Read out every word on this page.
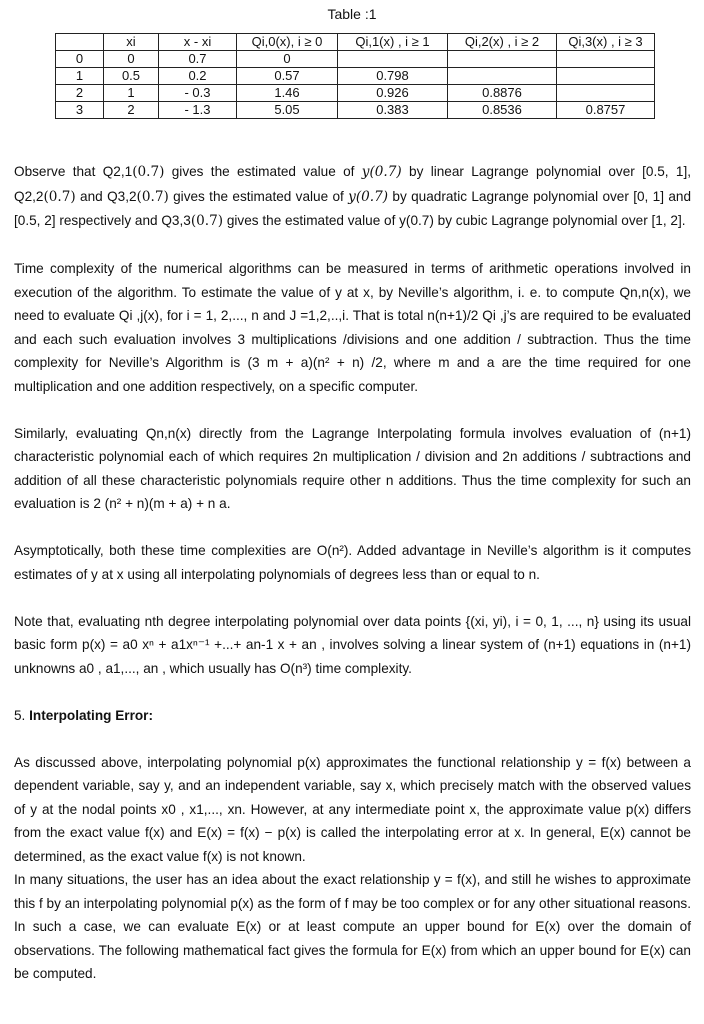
Table :1
	xi	x - xi	Qi,0(x), i ≥ 0	Qi,1(x) , i ≥ 1	Qi,2(x) , i ≥ 2	Qi,3(x) , i ≥ 3
0	0	0.7	0			
1	0.5	0.2	0.57	0.798		
2	1	- 0.3	1.46	0.926	0.8876	
3	2	- 1.3	5.05	0.383	0.8536	0.8757

Observe that Q2,1(0.7) gives the estimated value of y(0.7) by linear Lagrange polynomial over [0.5, 1], Q2,2(0.7) and Q3,2(0.7) gives the estimated value of y(0.7) by quadratic Lagrange polynomial over [0, 1] and [0.5, 2] respectively and Q3,3(0.7) gives the estimated value of y(0.7) by cubic Lagrange polynomial over [1, 2].

Time complexity of the numerical algorithms can be measured in terms of arithmetic operations involved in execution of the algorithm. To estimate the value of y at x, by Neville’s algorithm, i. e. to compute Qn,n(x), we need to evaluate Qi ,j(x), for i = 1, 2,..., n and J =1,2,..,i. That is total n(n+1)/2 Qi ,j’s are required to be evaluated and each such evaluation involves 3 multiplications /divisions and one addition / subtraction. Thus the time complexity for Neville’s Algorithm is (3 m + a)(n² + n) /2, where m and a are the time required for one multiplication and one addition respectively, on a specific computer.

Similarly, evaluating Qn,n(x) directly from the Lagrange Interpolating formula involves evaluation of (n+1) characteristic polynomial each of which requires 2n multiplication / division and 2n additions / subtractions and addition of all these characteristic polynomials require other n additions. Thus the time complexity for such an evaluation is 2 (n² + n)(m + a) + n a.

Asymptotically, both these time complexities are O(n²). Added advantage in Neville’s algorithm is it computes estimates of y at x using all interpolating polynomials of degrees less than or equal to n.

Note that, evaluating nth degree interpolating polynomial over data points {(xi, yi), i = 0, 1, ..., n} using its usual basic form p(x) = a0 xⁿ + a1xⁿ⁻¹ +...+ an-1 x + an , involves solving a linear system of (n+1) equations in (n+1) unknowns a0 , a1,..., an , which usually has O(n³) time complexity.

5. Interpolating Error:

As discussed above, interpolating polynomial p(x) approximates the functional relationship y = f(x) between a dependent variable, say y, and an independent variable, say x, which precisely match with the observed values of y at the nodal points x0 , x1,..., xn. However, at any intermediate point x, the approximate value p(x) differs from the exact value f(x) and E(x) = f(x) − p(x) is called the interpolating error at x. In general, E(x) cannot be determined, as the exact value f(x) is not known.

In many situations, the user has an idea about the exact relationship y = f(x), and still he wishes to approximate this f by an interpolating polynomial p(x) as the form of f may be too complex or for any other situational reasons. In such a case, we can evaluate E(x) or at least compute an upper bound for E(x) over the domain of observations. The following mathematical fact gives the formula for E(x) from which an upper bound for E(x) can be computed.
